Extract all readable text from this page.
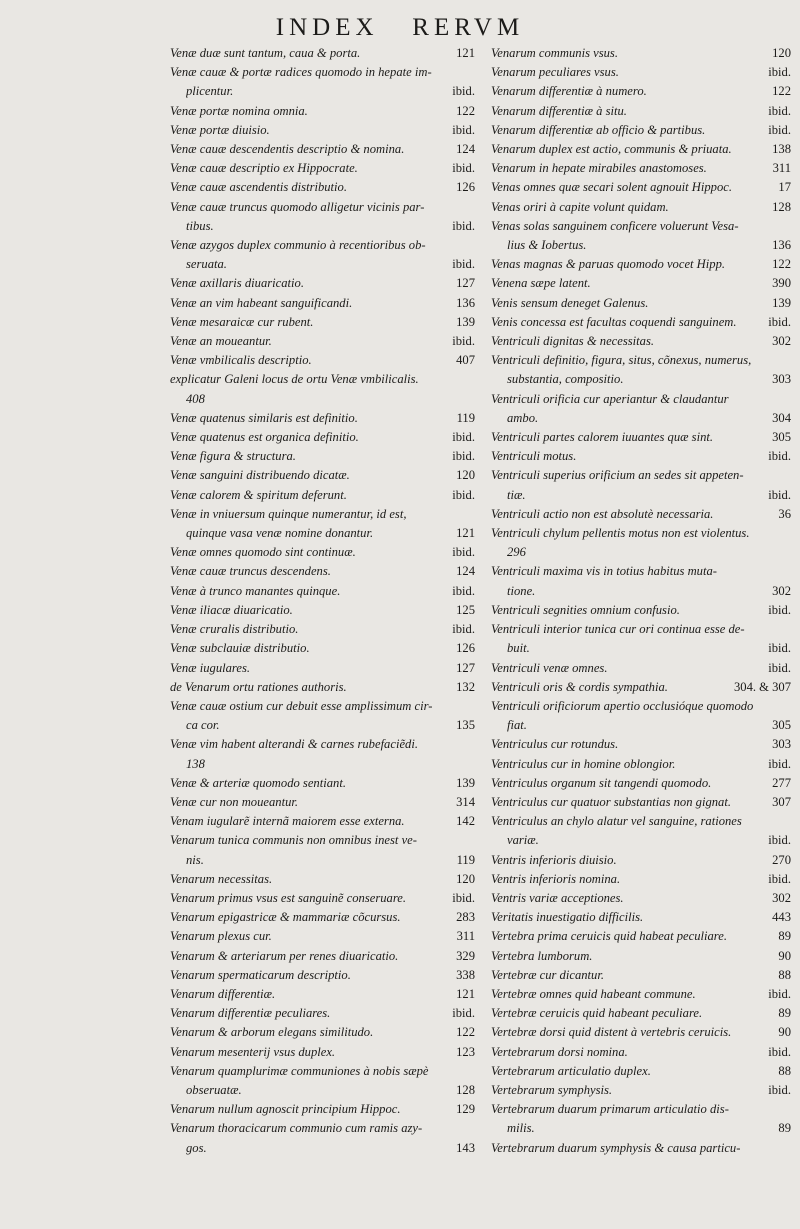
INDEX RERVM
Venæ duæ sunt tantum, caua & porta.	121
Venæ cauæ & portæ radices quomodo in hepate im-
plicentur.	ibid.
Venæ portæ nomina omnia.	122
Venæ portæ diuisio.	ibid.
Venæ cauæ descendentis descriptio & nomina.	124
Venæ cauæ descriptio ex Hippocrate.	ibid.
Venæ cauæ ascendentis distributio.	126
Venæ cauæ truncus quomodo alligetur vicinis par-
tibus.	ibid.
Venæ azygos duplex communio à recentioribus ob-
seruata.	ibid.
Venæ axillaris diuaricatio.	127
Venæ an vim habeant sanguificandi.	136
Venæ mesaraicæ cur rubent.	139
Venæ an moueantur.	ibid.
Venæ vmbilicalis descriptio.	407
explicatur Galeni locus de ortu Venæ vmbilicalis.
408
Venæ quatenus similaris est definitio.	119
Venæ quatenus est organica definitio.	ibid.
Venæ figura & structura.	ibid.
Venæ sanguini distribuendo dicatæ.	120
Venæ calorem & spiritum deferunt.	ibid.
Venæ in vniuersum quinque numerantur, id est,
quinque vasa venæ nomine donantur.	121
Venæ omnes quomodo sint continuæ.	ibid.
Venæ cauæ truncus descendens.	124
Venæ à trunco manantes quinque.	ibid.
Venæ iliacæ diuaricatio.	125
Venæ cruralis distributio.	ibid.
Venæ subclauiæ distributio.	126
Venæ iugulares.	127
de Venarum ortu rationes authoris.	132
Venæ cauæ ostium cur debuit esse amplissimum cir-
ca cor.	135
Venæ vim habent alterandi & carnes rubefaciẽdi.
138
Venæ & arteriæ quomodo sentiant.	139
Venæ cur non moueantur.	314
Venam iugularẽ internã maiorem esse externa.	142
Venarum tunica communis non omnibus inest ve-
nis.	119
Venarum necessitas.	120
Venarum primus vsus est sanguinẽ conseruare.	ibid.
Venarum epigastricæ & mammariæ cõcursus.	283
Venarum plexus cur.	311
Venarum & arteriarum per renes diuaricatio.	329
Venarum spermaticarum descriptio.	338
Venarum differentiæ.	121
Venarum differentiæ peculiares.	ibid.
Venarum & arborum elegans similitudo.	122
Venarum mesenterij vsus duplex.	123
Venarum quamplurimæ communiones à nobis sæpè
obseruatæ.	128
Venarum nullum agnoscit principium Hippoc.	129
Venarum thoracicarum communio cum ramis azy-
gos.	143
Venarum communis vsus.	120
Venarum peculiares vsus.	ibid.
Venarum differentiæ à numero.	122
Venarum differentiæ à situ.	ibid.
Venarum differentiæ ab officio & partibus.	ibid.
Venarum duplex est actio, communis & priuata.	138
Venarum in hepate mirabiles anastomoses.	311
Venas omnes quæ secari solent agnouit Hippoc.	17
Venas oriri à capite volunt quidam.	128
Venas solas sanguinem conficere voluerunt Vesa-
lius & Iobertus.	136
Venas magnas & paruas quomodo vocet Hipp.	122
Venena sæpe latent.	390
Venis sensum deneget Galenus.	139
Venis concessa est facultas coquendi sanguinem.	ibid.
Ventriculi dignitas & necessitas.	302
Ventriculi definitio, figura, situs, cõnexus, numerus,
substantia, compositio.	303
Ventriculi orificia cur aperiantur & claudantur
ambo.	304
Ventriculi partes calorem iuuantes quæ sint.	305
Ventriculi motus.	ibid.
Ventriculi superius orificium an sedes sit appeten-
tiæ.	ibid.
Ventriculi actio non est absolutè necessaria.	36
Ventriculi chylum pellentis motus non est violentus.
296
Ventriculi maxima vis in totius habitus muta-
tione.	302
Ventriculi segnities omnium confusio.	ibid.
Ventriculi interior tunica cur ori continua esse de-
buit.	ibid.
Ventriculi venæ omnes.	ibid.
Ventriculi oris & cordis sympathia.	304. & 307
Ventriculi orificiorum apertio occlusióque quomodo
fiat.	305
Ventriculus cur rotundus.	303
Ventriculus cur in homine oblongior.	ibid.
Ventriculus organum sit tangendi quomodo.	277
Ventriculus cur quatuor substantias non gignat.	307
Ventriculus an chylo alatur vel sanguine, rationes
variæ.	ibid.
Ventris inferioris diuisio.	270
Ventris inferioris nomina.	ibid.
Ventris variæ acceptiones.	302
Veritatis inuestigatio difficilis.	443
Vertebra prima ceruicis quid habeat peculiare.	89
Vertebra lumborum.	90
Vertebræ cur dicantur.	88
Vertebræ omnes quid habeant commune.	ibid.
Vertebræ ceruicis quid habeant peculiare.	89
Vertebræ dorsi quid distent à vertebris ceruicis.	90
Vertebrarum dorsi nomina.	ibid.
Vertebrarum articulatio duplex.	88
Vertebrarum symphysis.	ibid.
Vertebrarum duarum primarum articulatio dis-
milis.	89
Vertebrarum duarum symphysis & causa particu-
